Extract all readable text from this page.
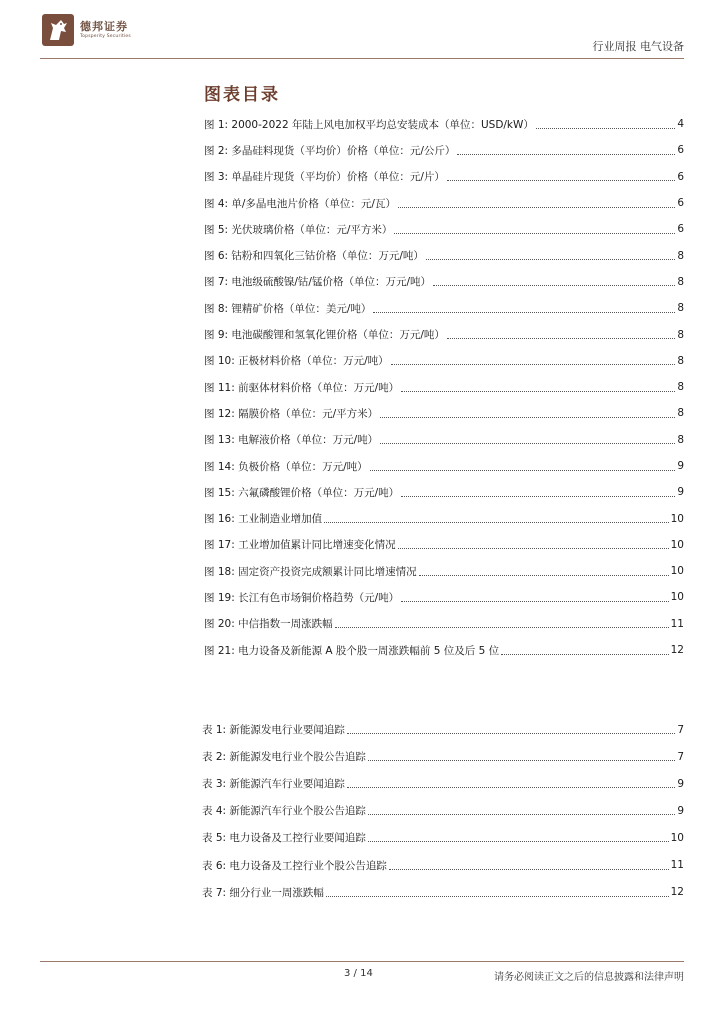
德邦证券
Topsperity Securities
行业周报 电气设备
图表目录
图 1: 2000-2022 年陆上风电加权平均总安装成本（单位：USD/kW）	4
图 2: 多晶硅料现货（平均价）价格（单位：元/公斤）	6
图 3: 单晶硅片现货（平均价）价格（单位：元/片）	6
图 4: 单/多晶电池片价格（单位：元/瓦）	6
图 5: 光伏玻璃价格（单位：元/平方米）	6
图 6: 钴粉和四氧化三钴价格（单位：万元/吨）	8
图 7: 电池级硫酸镍/钴/锰价格（单位：万元/吨）	8
图 8: 锂精矿价格（单位：美元/吨）	8
图 9: 电池碳酸锂和氢氧化锂价格（单位：万元/吨）	8
图 10: 正极材料价格（单位：万元/吨）	8
图 11: 前驱体材料价格（单位：万元/吨）	8
图 12: 隔膜价格（单位：元/平方米）	8
图 13: 电解液价格（单位：万元/吨）	8
图 14: 负极价格（单位：万元/吨）	9
图 15: 六氟磷酸锂价格（单位：万元/吨）	9
图 16: 工业制造业增加值	10
图 17: 工业增加值累计同比增速变化情况	10
图 18: 固定资产投资完成额累计同比增速情况	10
图 19: 长江有色市场铜价格趋势（元/吨）	10
图 20: 中信指数一周涨跌幅	11
图 21: 电力设备及新能源 A 股个股一周涨跌幅前 5 位及后 5 位	12
表 1: 新能源发电行业要闻追踪	7
表 2: 新能源发电行业个股公告追踪	7
表 3: 新能源汽车行业要闻追踪	9
表 4: 新能源汽车行业个股公告追踪	9
表 5: 电力设备及工控行业要闻追踪	10
表 6: 电力设备及工控行业个股公告追踪	11
表 7: 细分行业一周涨跌幅	12
3 / 14	请务必阅读正文之后的信息披露和法律声明
